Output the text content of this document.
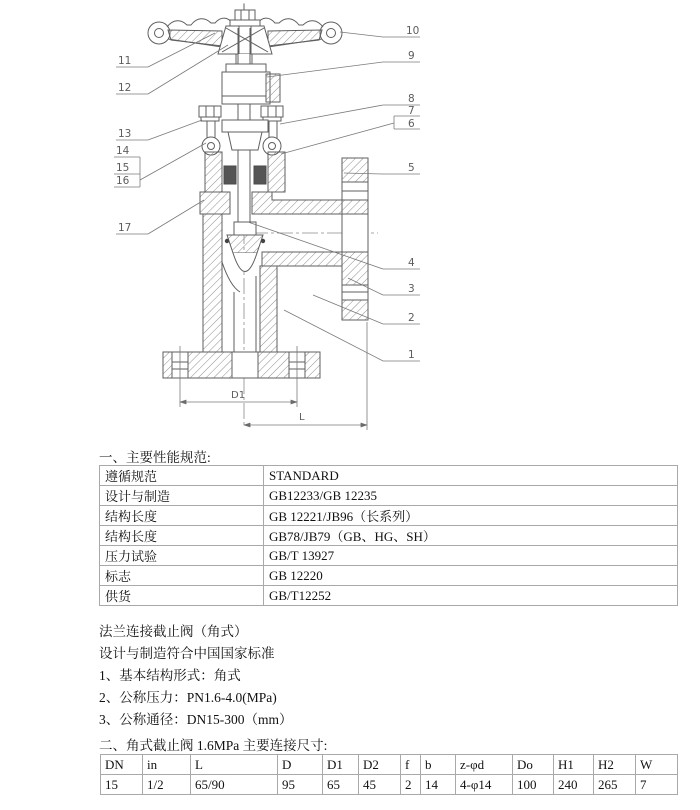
D1
L
10
9
8
7
6
5
4
3
2
1
11
12
13
14
15
16
17
一、主要性能规范:
遵循规范	STANDARD
设计与制造	GB12233/GB 12235
结构长度	GB 12221/JB96（长系列）
结构长度	GB78/JB79（GB、HG、SH）
压力试验	GB/T 13927
标志	GB 12220
供货	GB/T12252
法兰连接截止阀（角式）
设计与制造符合中国国家标准
1、基本结构形式：角式
2、公称压力：PN1.6-4.0(MPa)
3、公称通径：DN15-300（mm）
二、角式截止阀 1.6MPa 主要连接尺寸:
DN	in	L	D	D1	D2	f	b	z-φd	Do	H1	H2	W
15	1/2	65/90	95	65	45	2	14	4-φ14	100	240	265	7
